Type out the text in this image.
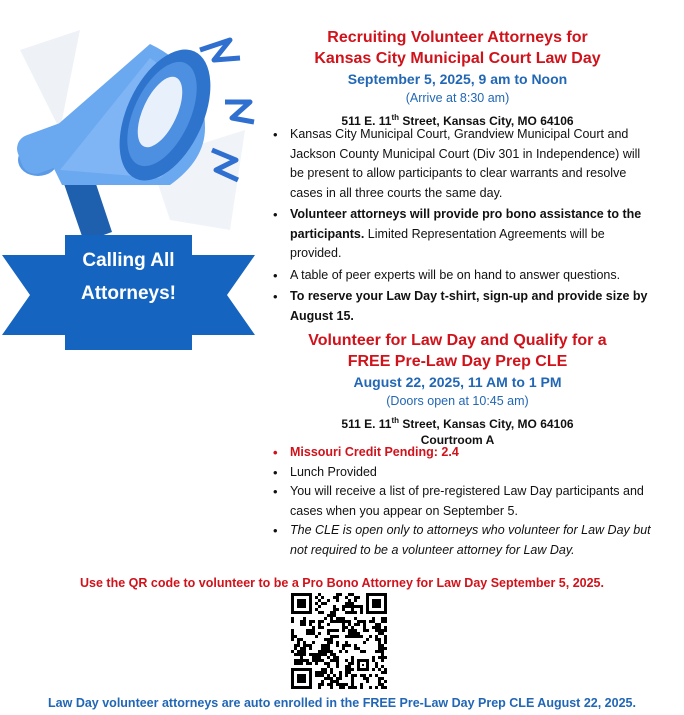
Calling All
Attorneys!
Recruiting Volunteer Attorneys for
Kansas City Municipal Court Law Day
September 5, 2025, 9 am to Noon
(Arrive at 8:30 am)
511 E. 11th Street, Kansas City, MO 64106
• Kansas City Municipal Court, Grandview Municipal Court and Jackson County Municipal Court (Div 301 in Independence) will be present to allow participants to clear warrants and resolve cases in all three courts the same day.
• Volunteer attorneys will provide pro bono assistance to the participants. Limited Representation Agreements will be provided.
• A table of peer experts will be on hand to answer questions.
• To reserve your Law Day t-shirt, sign-up and provide size by August 15.
Volunteer for Law Day and Qualify for a
FREE Pre-Law Day Prep CLE
August 22, 2025, 11 AM to 1 PM
(Doors open at 10:45 am)
511 E. 11th Street, Kansas City, MO 64106
Courtroom A
• Missouri Credit Pending: 2.4
• Lunch Provided
• You will receive a list of pre-registered Law Day participants and cases when you appear on September 5.
• The CLE is open only to attorneys who volunteer for Law Day but not required to be a volunteer attorney for Law Day.
Use the QR code to volunteer to be a Pro Bono Attorney for Law Day September 5, 2025.
Law Day volunteer attorneys are auto enrolled in the FREE Pre-Law Day Prep CLE August 22, 2025.
